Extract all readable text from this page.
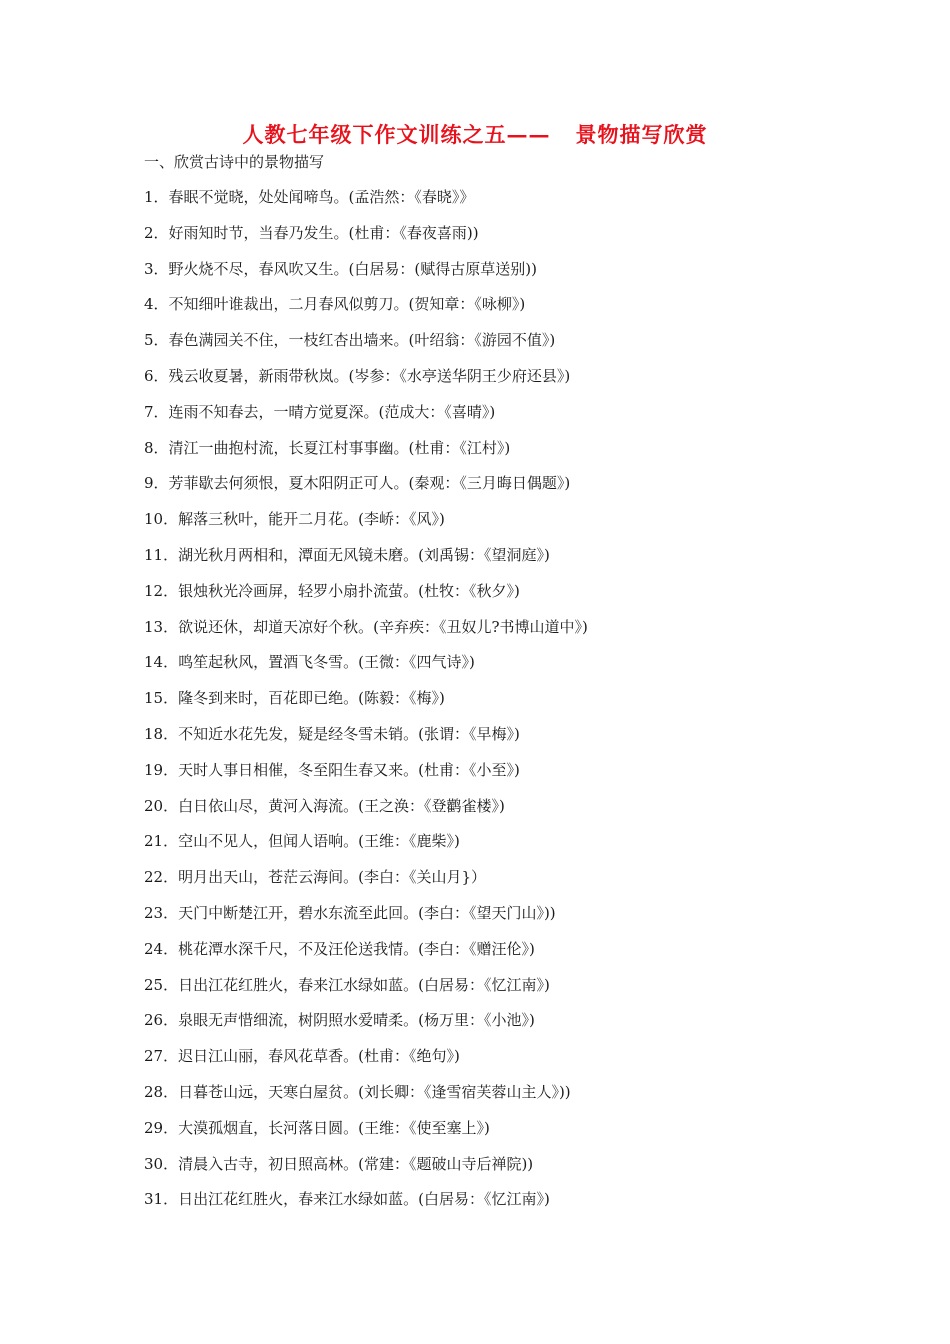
人教七年级下作文训练之五——   景物描写欣赏
一、欣赏古诗中的景物描写
1．春眠不觉晓，处处闻啼鸟。(孟浩然：《春晓》》
2．好雨知时节，当春乃发生。(杜甫：《春夜喜雨))
3．野火烧不尽，春风吹又生。(白居易：(赋得古原草送别))
4．不知细叶谁裁出，二月春风似剪刀。(贺知章：《咏柳》)
5．春色满园关不住，一枝红杏出墙来。(叶绍翁：《游园不值》)
6．残云收夏暑，新雨带秋岚。(岑参：《水亭送华阴王少府还县》)
7．连雨不知春去，一晴方觉夏深。(范成大：《喜晴》)
8．清江一曲抱村流，长夏江村事事幽。(杜甫：《江村》)
9．芳菲歇去何须恨，夏木阳阴正可人。(秦观：《三月晦日偶题》)
10．解落三秋叶，能开二月花。(李峤：《风》)
11．湖光秋月两相和，潭面无风镜未磨。(刘禹锡：《望洞庭》)
12．银烛秋光冷画屏，轻罗小扇扑流萤。(杜牧：《秋夕》)
13．欲说还休，却道天凉好个秋。(辛弃疾：《丑奴儿?书博山道中》)
14．鸣笙起秋风，置酒飞冬雪。(王微：《四气诗》)
15．隆冬到来时，百花即已绝。(陈毅：《梅》)
18．不知近水花先发，疑是经冬雪未销。(张谓：《早梅》)
19．天时人事日相催，冬至阳生春又来。(杜甫：《小至》)
20．白日依山尽，黄河入海流。(王之涣：《登鹳雀楼》)
21．空山不见人，但闻人语响。(王维：《鹿柴》)
22．明月出天山，苍茫云海间。(李白：《关山月}）
23．天门中断楚江开，碧水东流至此回。(李白：《望天门山》))
24．桃花潭水深千尺，不及汪伦送我情。(李白：《赠汪伦》)
25．日出江花红胜火，春来江水绿如蓝。(白居易：《忆江南》)
26．泉眼无声惜细流，树阴照水爱晴柔。(杨万里：《小池》)
27．迟日江山丽，春风花草香。(杜甫：《绝句》)
28．日暮苍山远，天寒白屋贫。(刘长卿：《逢雪宿芙蓉山主人》))
29．大漠孤烟直，长河落日圆。(王维：《使至塞上》)
30．清晨入古寺，初日照高林。(常建：《题破山寺后禅院))
31．日出江花红胜火，春来江水绿如蓝。(白居易：《忆江南》)
